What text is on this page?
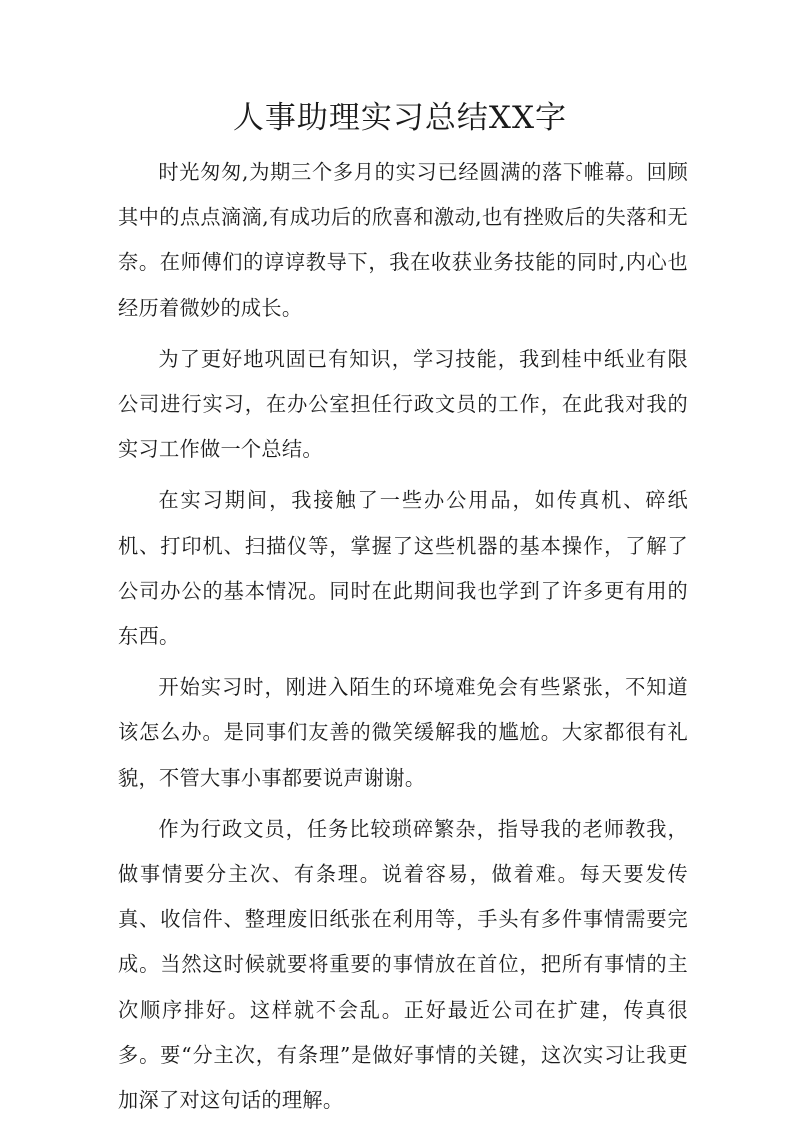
人事助理实习总结XX字

时光匆匆,为期三个多月的实习已经圆满的落下帷幕。回顾其中的点点滴滴,有成功后的欣喜和激动,也有挫败后的失落和无奈。在师傅们的谆谆教导下，我在收获业务技能的同时,内心也经历着微妙的成长。

为了更好地巩固已有知识，学习技能，我到桂中纸业有限公司进行实习，在办公室担任行政文员的工作，在此我对我的实习工作做一个总结。

在实习期间，我接触了一些办公用品，如传真机、碎纸机、打印机、扫描仪等，掌握了这些机器的基本操作，了解了公司办公的基本情况。同时在此期间我也学到了许多更有用的东西。

开始实习时，刚进入陌生的环境难免会有些紧张，不知道该怎么办。是同事们友善的微笑缓解我的尴尬。大家都很有礼貌，不管大事小事都要说声谢谢。

作为行政文员，任务比较琐碎繁杂，指导我的老师教我，做事情要分主次、有条理。说着容易，做着难。每天要发传真、收信件、整理废旧纸张在利用等，手头有多件事情需要完成。当然这时候就要将重要的事情放在首位，把所有事情的主次顺序排好。这样就不会乱。正好最近公司在扩建，传真很多。要“分主次，有条理”是做好事情的关键，这次实习让我更加深了对这句话的理解。
